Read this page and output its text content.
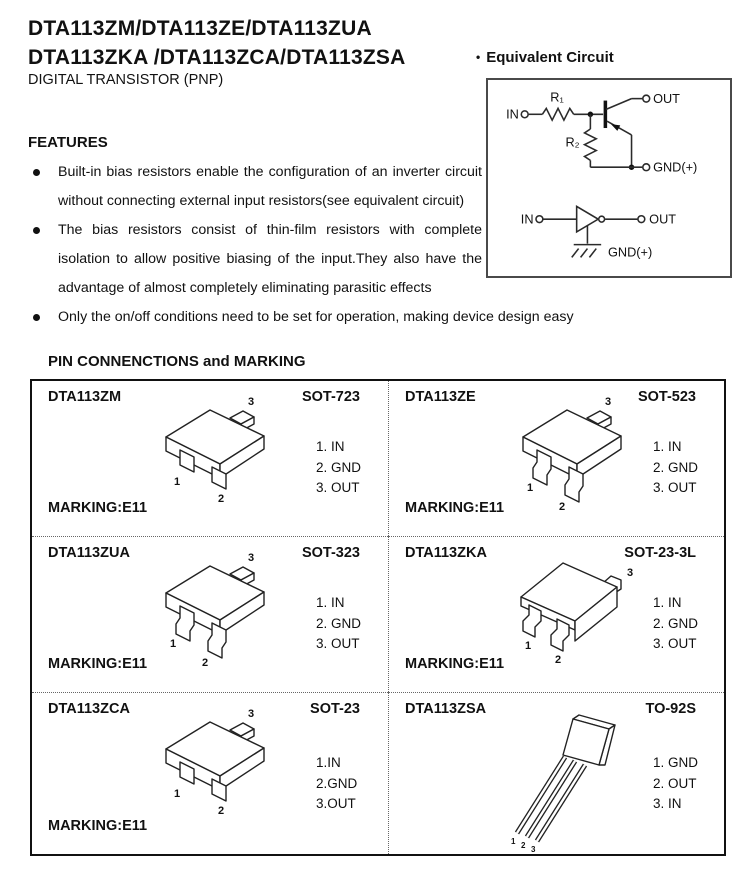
DTA113ZM/DTA113ZE/DTA113ZUA
DTA113ZKA /DTA113ZCA/DTA113ZSA
DIGITAL TRANSISTOR (PNP)
• Equivalent Circuit
IN
R₁
R₂
OUT
GND(+)
IN	OUT
GND(+)
FEATURES

Built-in bias resistors enable the configuration of an inverter circuit without connecting external input resistors(see equivalent circuit)

The bias resistors consist of thin-film resistors with complete isolation to allow positive biasing of the input.They also have the advantage of almost completely eliminating parasitic effects

Only the on/off conditions need to be set for operation, making device design easy

PIN CONNENCTIONS and MARKING
DTA113ZM	SOT-723
3
1
2
1. IN
2. GND
3. OUT
MARKING:E11
DTA113ZE	SOT-523
3
1
2
1. IN
2. GND
3. OUT
MARKING:E11
DTA113ZUA	SOT-323
3
1
2
1. IN
2. GND
3. OUT
MARKING:E11
DTA113ZKA	SOT-23-3L
3
1
2
1. IN
2. GND
3. OUT
MARKING:E11
DTA113ZCA	SOT-23
3
1
2
1.IN
2.GND
3.OUT
MARKING:E11
DTA113ZSA	TO-92S
1 2 3
1. GND
2. OUT
3. IN
